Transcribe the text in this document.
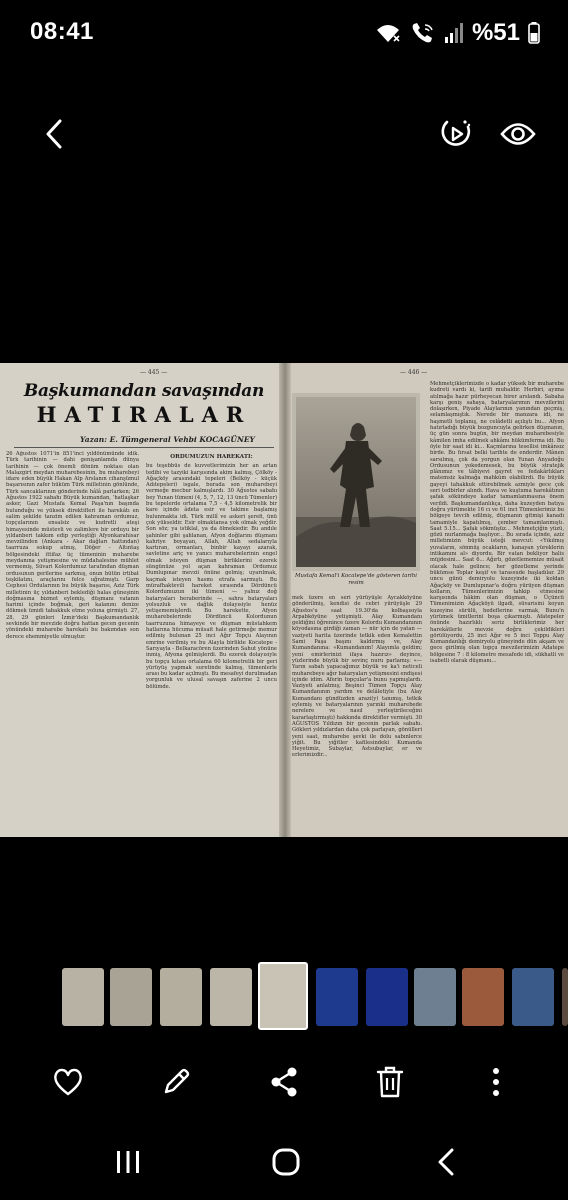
08:41	%51
— 445 —	— 446 —
Başkumandan savaşından
HATIRALAR
Yazan: E. Tümgeneral Vehbi KOCAGÜNEY
26 Ağustos 1071'in 851'inci yıldönümünde idik. Türk tarihinin — dahi genişanlamda dünya tarihinin — çok önemli dönüm noktası olan Malazgirt meydan muharebesinin, bu muharebeyi idare eden büyük Hakan Alp Arslanın cihanşümul başarısının zafer hüküm Türk milletinin gönlünde, Türk sancaklarının gönderinde hâlâ parlarken; 26 Ağustos 1922 sabahı Büyük kumandan, 'hatlaşkar asker, Gazi Mustafa Kemal Paşa'nın başında bulunduğu ve yüksek direktifleri ile harekâtı en salim şekilde tanzim edilen kahraman ordumuz, topçularının ensalsiz ve kudretli ateşi himayesinde müstevli ve zalimlere bir orduyu bir yıldanberi takkım edip yerleştiği Afyonkarahisar mevzilinden (Ankara - Akar dağları hattından) taarruza sokup atmış, Döğer - Altıntaş bölgesindeki ittifaz üç tümeninin muharebe meydanına yetişmesine ve müdahalesine mühlet vermemiş, Süvari Kolordumuz tarafından düşman ordusunun gerilerine sarkmış, onun bütün irtibat teşkilatını, araçlarını felce uğratmıştı. Garp Cephesi Ordularının bu büyük başarısı, Aziz Türk milletinin üç yıldanberi beklediği halas güneşinin doğmasına bizmet eylemiş, düşmanı vatanın harimi içinde boğmak, geri kalanını denize dökmek ümidi tabakkuk etme yoluna girmişti. 27, 28, 29 günleri İzmir'deki Başkumandanlık sevkinde bir mevzide doğru hattan gecen gecenin yönündeki muharebe harekatı bu bakımdan son derece ehemmiyetle olmuştur.
ORDUMUZUN HAREKATI:
bu teşebbüs de kuvvetlerimizin her an artan tedibi ve tazyiki karşısında akim kalmış, Çölköy - Ağaçköy arasındaki tepeleri (Belköy - küçük Adıtepeleri) isgale, burada son muharebeyi vermeğe mecbur kalmışlardı. 30 Ağustos sabahı bey Yunan tümeni (4, 5, 7, 12, 13 üncü Tümenler) bu tepelerde ortalama 7,5 - 4,5 kilometrelik bir kare içinde âdeta esir ve takime başlamış bulunmakta idi. Türk millî ve askeri şerefi, ünü çok yükseldir. Esir olmaktansa yok olmak yeğdir. Son söz; ya istiklal, ya da ölmekiedir. Bu andıle şahinler gibi şahlanan, Afyon doğlarını düşmanı kahriye boyayan, Allah, Allah sedalarıyla kartıran, ormanları, binbir kayayı azarak, savletine ariç ve yanıcı muharebelerinin engel olmak isteyen düşman birliklerini ezerek süngünüze yol açan kahraman Ordumuz Dumlupınar mevzii önüne gelmiş; uyarılmak, kaçmak isteyen hasmı etrafa sarmıştı. Bu mürafhaktevili hareket sırasında Dördüncü Kolordumuzun iki tümeni — yalnız doğ bataryaları beraberinde —, sahra bataryaları yolsuzluk ve dağlık dolayısiyle henüz yetişememişlerdi. Bu harekette, Afyon muharebelerinde Dördüncü Kolordunun taarruzuna himayeye ve düşman müstahkem hatlarına hücuma müsait hale getirmeğe memur edilmiş bulunan 25 inci Ağır Topçu Alayının emrine verilmiş ve bu Alayla birlikte Kocatepe - Sarıyayla - Belkaracören üzerinden Sahut yönüne inmiş, Afyona gelmişlerdi. Bu ezerek dolayısiyle bu topçu kıtası ortalama 60 kilometrelik bir geri yürüyüş yapmak suretinde kalmış, tümenlerle arası bu kadar açılmıştı. Bu mesafeyi durulmadan yorgunluk ve ulusal savaşın zaferine 2 uncu bölümde.
Mustafa Kemal'i Kocatepe'de gösteren tarihi resim
mek üzere en seri yürüyüşle Aycakköyüne gönderilmiş, kendisi de cebri yürüyüşle 29 Ağustos'u saat 19.30'da kolbaşısıyla Arpabköyüne yetişmişti. Alay Kumandanı geldiğini öğrenince üzere Kolordu Kumandanının köyodasına girdiği zaman — nür için de yatan — vaziyeti harita üzerinde tetkik eden Kemalettin Sami Paşa başını kaldırmış ve, Alay Kumandanına: «Kumandanım! Alayımla geldim; yeni emirlerinizi ifaya hazırız» deyince, yüzlerinde büyük bir sevinç nuru parlamış: «— Yarın sabah yapacağımız büyük ve ka'i neticeli muharebeye ağır bataryaları yetişmesini endişesi içinde idim. Aferin topçular'a bunu yapmışlardı. Vaziyeti anlatmış; Beşinci Tümen Topçu Alay Kumandanının yardım ve delâletiyle (bu Alay Kumandanı gündüzden arazi(y) tanımış, tetkik eylemiş ve bataryalarının yarınki muharebede nerelere ve nasıl yerleştirileceğini kararlaştırmıştı) hakkında direktifler vermişti. 30 AĞUSTOS Yıldızın bir gecenin parlak sabahı. Gökleri yıldızlardan daha çok parlayan, gönülleri yeni saat, muharebe şevki ile dolu sabınlerce yiğit. Bu yiğitler kafilesindeki Kumanda Heyetimiz, Subaylar, Astsubaylar, er ve erlerimizdir...
Mehmetçiklerimizde o kadar yüksek bir muharebe kudreti vardı ki, tarifi muhaldir. Herbiri, ayıma atılmağa hazır pürheyecan birer arslandı. Sabaha karşı geniş sahaya, bataryalarımın mevzilerini dolaşırken, Piyade Alaylarının yanından geçmiş, selamlaşmıştık. Nerede bir manzara idi, ne haşmetli toplanış, ne celâdetli açılıştı bu... Afyon hatırladığı büyük bozguncuyla gelirken düşmanın, üç gün sonra bugün, bir meydan muharebesiyle kâmilen imha edilmek ahkâmı hükümferma idi. Bu öyle bir saat idi ki... Kaçmlarına tesellisi imkânsız birde. Bu fırsat belki tarihte de enderdir. Mânen sarsılmış, çok da yorgun olan Yunan Anyadoğu Ordusunun yokedemesek, bu büyük stratejik plânımız ve tâbiyevi gayret ve fedakârlıkları matemsiz kalmağa mahkûm olabilirdi. Bu büyük gayeyi tahakkuk ettirebilmek azmiyle gece çok seri tedbirler alındı. Hava ve kuştuma harekâtının şafak sökündeye kadar tamamlanmasına önem verildi. Başkumandanlıkça, daha kuzeyden batıya doğru yürümekte 16 cı ve 61 inci Tümenlerimiz bu bölgeye tevcih edilmiş, düşmanın gitmişi kanadı tamamiyle kapatılmış, çember tamamlanmıştı. Saat 5.15... Şafak sökmüşüz... Mehmetçiğin yüzü, gözü nurlanmağa başlıyor... Bu sırada içinde, aziz milletimizin büyük isteği mevcut: «Yıkılmış yuvaların, sönmüş ocakların, kanayan yüreklerin intikamını al» diyordu. Bir vatan bekliyor halis müjdesini... Saat 6... Ağırtı, gözetlememize müsait olacak hale gelince; her gözetleme yerinde bükümse Toplar keşif ve tarassude başladılar. 29 uncu günü demiryolu kuzeyinde iki koldan Ağaçköy ve Dumlupınar'a doğru yürüyen düşman kolların, Tümenlerimizin tahkip etmesine karşısında hâkim olan düşman, o Üçüncü Tümenimizin Ağaçköyü ilgadi, süvarisini koyun kuzeyine sürülü, hedeflerine varmak, Bunu'n yürümek ümitlerini boşa çıkarmıştı. Afatepeler önünde hazırlıklı seriz birliklerimiz her harekâtlerle mevzie doğru çekildikleri görülüyordu. 25 inci Ağır ve 5 inci Toppu Alay Kumandanlığı demiryolu güneyinde dün akşam ve gece girilmiş olan topçu mevzilerimizin Adatepe bölgesine 7 : 8 kilometre mesafede idi, sükhatli ve isabetli olarak düşmanı...
